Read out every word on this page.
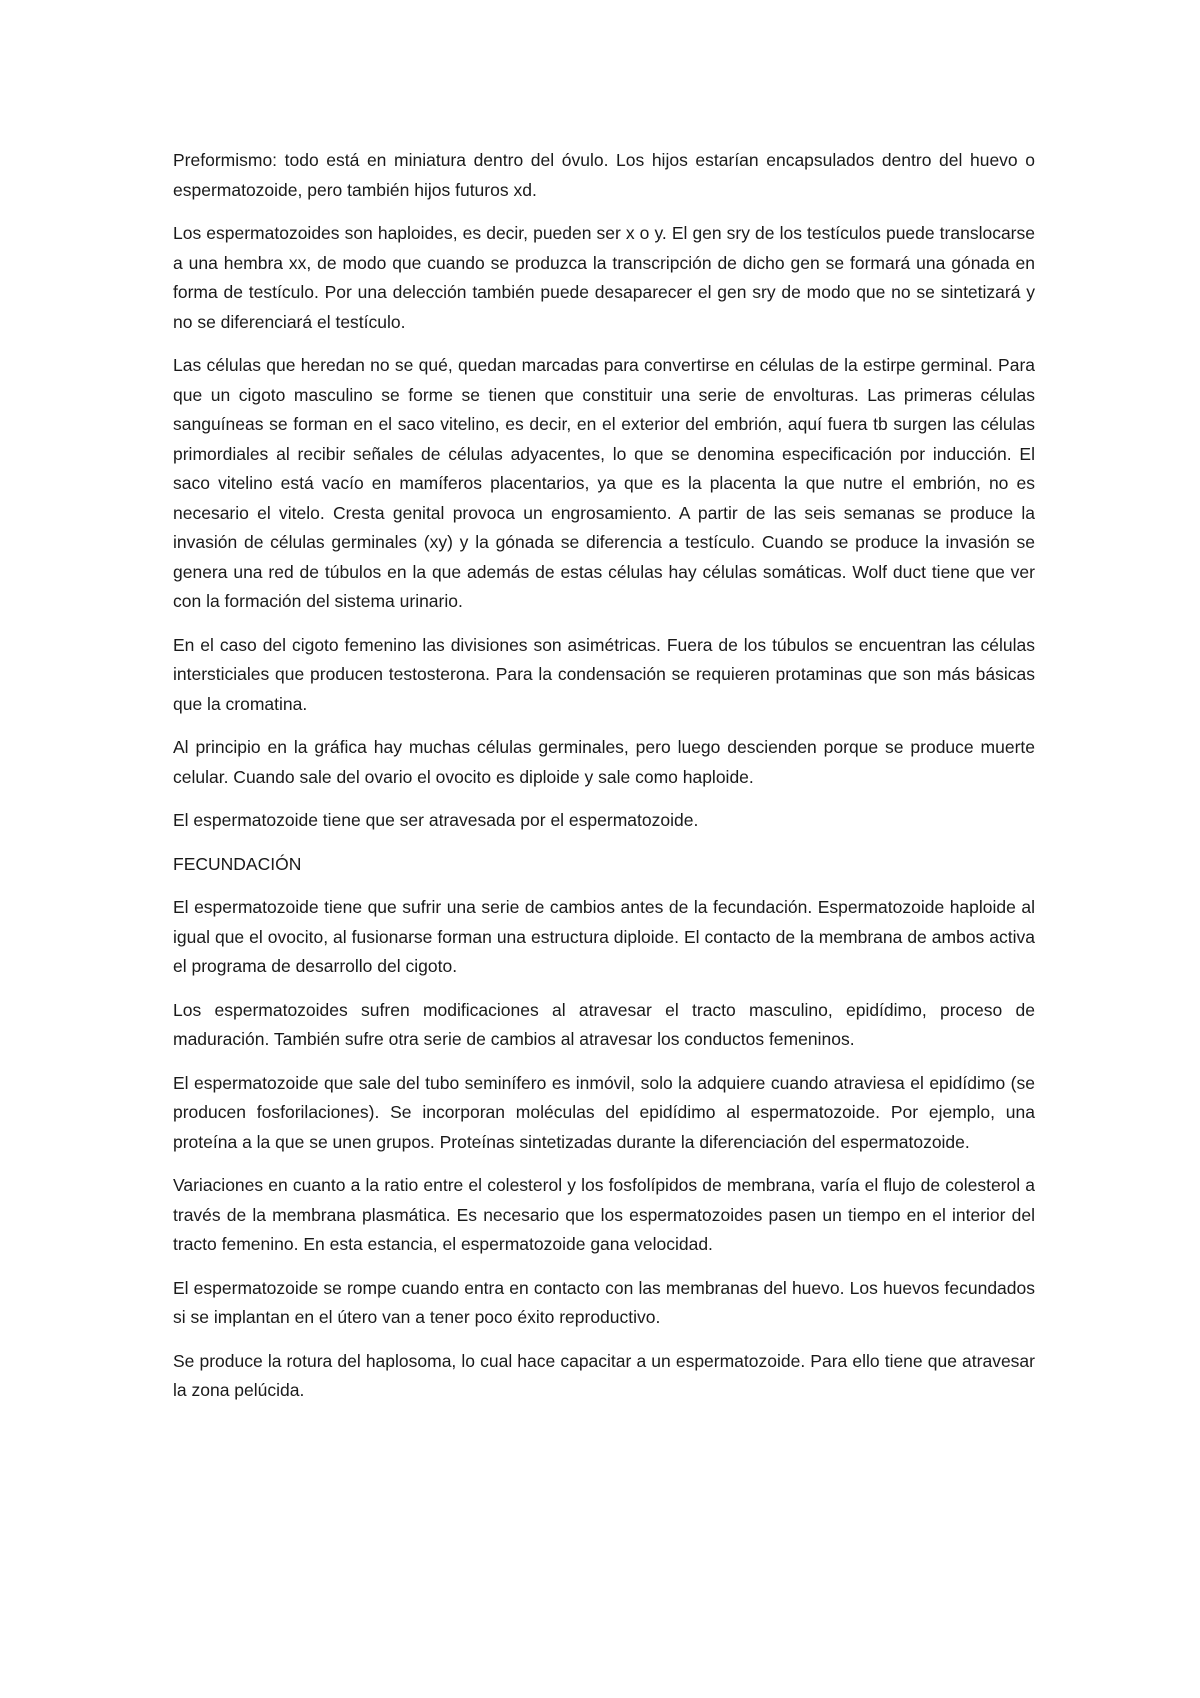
Preformismo: todo está en miniatura dentro del óvulo. Los hijos estarían encapsulados dentro del huevo o espermatozoide, pero también hijos futuros xd.

Los espermatozoides son haploides, es decir, pueden ser x o y. El gen sry de los testículos puede translocarse a una hembra xx, de modo que cuando se produzca la transcripción de dicho gen se formará una gónada en forma de testículo. Por una delección también puede desaparecer el gen sry de modo que no se sintetizará y no se diferenciará el testículo.

Las células que heredan no se qué, quedan marcadas para convertirse en células de la estirpe germinal. Para que un cigoto masculino se forme se tienen que constituir una serie de envolturas. Las primeras células sanguíneas se forman en el saco vitelino, es decir, en el exterior del embrión, aquí fuera tb surgen las células primordiales al recibir señales de células adyacentes, lo que se denomina especificación por inducción. El saco vitelino está vacío en mamíferos placentarios, ya que es la placenta la que nutre el embrión, no es necesario el vitelo. Cresta genital provoca un engrosamiento. A partir de las seis semanas se produce la invasión de células germinales (xy) y la gónada se diferencia a testículo. Cuando se produce la invasión se genera una red de túbulos en la que además de estas células hay células somáticas. Wolf duct tiene que ver con la formación del sistema urinario.

En el caso del cigoto femenino las divisiones son asimétricas. Fuera de los túbulos se encuentran las células intersticiales que producen testosterona. Para la condensación se requieren protaminas que son más básicas que la cromatina.

Al principio en la gráfica hay muchas células germinales, pero luego descienden porque se produce muerte celular. Cuando sale del ovario el ovocito es diploide y sale como haploide.

El espermatozoide tiene que ser atravesada por el espermatozoide.

FECUNDACIÓN

El espermatozoide tiene que sufrir una serie de cambios antes de la fecundación. Espermatozoide haploide al igual que el ovocito, al fusionarse forman una estructura diploide. El contacto de la membrana de ambos activa el programa de desarrollo del cigoto.

Los espermatozoides sufren modificaciones al atravesar el tracto masculino, epidídimo, proceso de maduración. También sufre otra serie de cambios al atravesar los conductos femeninos.

El espermatozoide que sale del tubo seminífero es inmóvil, solo la adquiere cuando atraviesa el epidídimo (se producen fosforilaciones). Se incorporan moléculas del epidídimo al espermatozoide. Por ejemplo, una proteína a la que se unen grupos. Proteínas sintetizadas durante la diferenciación del espermatozoide.

Variaciones en cuanto a la ratio entre el colesterol y los fosfolípidos de membrana, varía el flujo de colesterol a través de la membrana plasmática. Es necesario que los espermatozoides pasen un tiempo en el interior del tracto femenino. En esta estancia, el espermatozoide gana velocidad.

El espermatozoide se rompe cuando entra en contacto con las membranas del huevo. Los huevos fecundados si se implantan en el útero van a tener poco éxito reproductivo.

Se produce la rotura del haplosoma, lo cual hace capacitar a un espermatozoide. Para ello tiene que atravesar la zona pelúcida.
